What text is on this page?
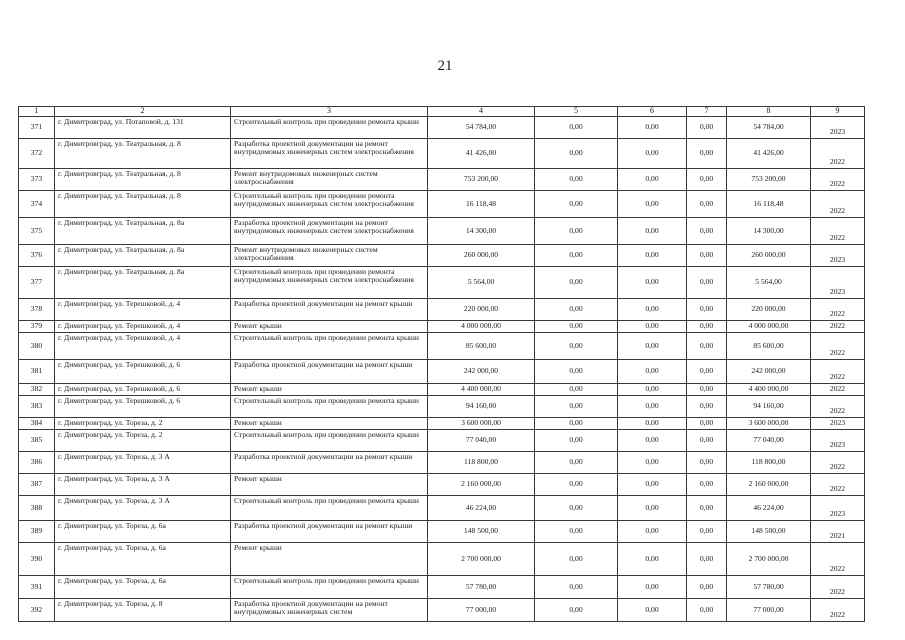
21
1	2	3	4	5	6	7	8	9
371	г. Димитровград, ул. Потаповой, д. 131	Строительный контроль при проведении ремонта крыши	54 784,00	0,00	0,00	0,00	54 784,00	2023
372	г. Димитровград, ул. Театральная, д. 8	Разработка проектной документации на ремонт внутридомовых инженерных систем электроснабжения	41 426,00	0,00	0,00	0,00	41 426,00	2022
373	г. Димитровград, ул. Театральная, д. 8	Ремонт внутридомовых инженерных систем электроснабжения	753 200,00	0,00	0,00	0,00	753 200,00	2022
374	г. Димитровград, ул. Театральная, д. 8	Строительный контроль при проведении ремонта внутридомовых инженерных систем электроснабжения	16 118,48	0,00	0,00	0,00	16 118,48	2022
375	г. Димитровград, ул. Театральная, д. 8а	Разработка проектной документации на ремонт внутридомовых инженерных систем электроснабжения	14 300,00	0,00	0,00	0,00	14 300,00	2022
376	г. Димитровград, ул. Театральная, д. 8а	Ремонт внутридомовых инженерных систем электроснабжения	260 000,00	0,00	0,00	0,00	260 000,00	2023
377	г. Димитровград, ул. Театральная, д. 8а	Строительный контроль при проведении ремонта внутридомовых инженерных систем электроснабжения	5 564,00	0,00	0,00	0,00	5 564,00	2023
378	г. Димитровград, ул. Терешковой, д. 4	Разработка проектной документации на ремонт крыши	220 000,00	0,00	0,00	0,00	220 000,00	2022
379	г. Димитровград, ул. Терешковой, д. 4	Ремонт крыши	4 000 000,00	0,00	0,00	0,00	4 000 000,00	2022
380	г. Димитровград, ул. Терешковой, д. 4	Строительный контроль при проведении ремонта крыши	85 600,00	0,00	0,00	0,00	85 600,00	2022
381	г. Димитровград, ул. Терешковой, д. 6	Разработка проектной документации на ремонт крыши	242 000,00	0,00	0,00	0,00	242 000,00	2022
382	г. Димитровград, ул. Терешковой, д. 6	Ремонт крыши	4 400 000,00	0,00	0,00	0,00	4 400 000,00	2022
383	г. Димитровград, ул. Терешковой, д. 6	Строительный контроль при проведении ремонта крыши	94 160,00	0,00	0,00	0,00	94 160,00	2022
384	г. Димитровград, ул. Тореза, д. 2	Ремонт крыши	3 600 000,00	0,00	0,00	0,00	3 600 000,00	2023
385	г. Димитровград, ул. Тореза, д. 2	Строительный контроль при проведении ремонта крыши	77 040,00	0,00	0,00	0,00	77 040,00	2023
386	г. Димитровград, ул. Тореза, д. 3 А	Разработка проектной документации на ремонт крыши	118 800,00	0,00	0,00	0,00	118 800,00	2022
387	г. Димитровград, ул. Тореза, д. 3 А	Ремонт крыши	2 160 000,00	0,00	0,00	0,00	2 160 000,00	2022
388	г. Димитровград, ул. Тореза, д. 3 А	Строительный контроль при проведении ремонта крыши	46 224,00	0,00	0,00	0,00	46 224,00	2023
389	г. Димитровград, ул. Тореза, д. 6а	Разработка проектной документации на ремонт крыши	148 500,00	0,00	0,00	0,00	148 500,00	2021
390	г. Димитровград, ул. Тореза, д. 6а	Ремонт крыши	2 700 000,00	0,00	0,00	0,00	2 700 000,00	2022
391	г. Димитровград, ул. Тореза, д. 6а	Строительный контроль при проведении ремонта крыши	57 780,00	0,00	0,00	0,00	57 780,00	2022
392	г. Димитровград, ул. Тореза, д. 8	Разработка проектной документации на ремонт внутридомовых инженерных систем	77 000,00	0,00	0,00	0,00	77 000,00	2022
